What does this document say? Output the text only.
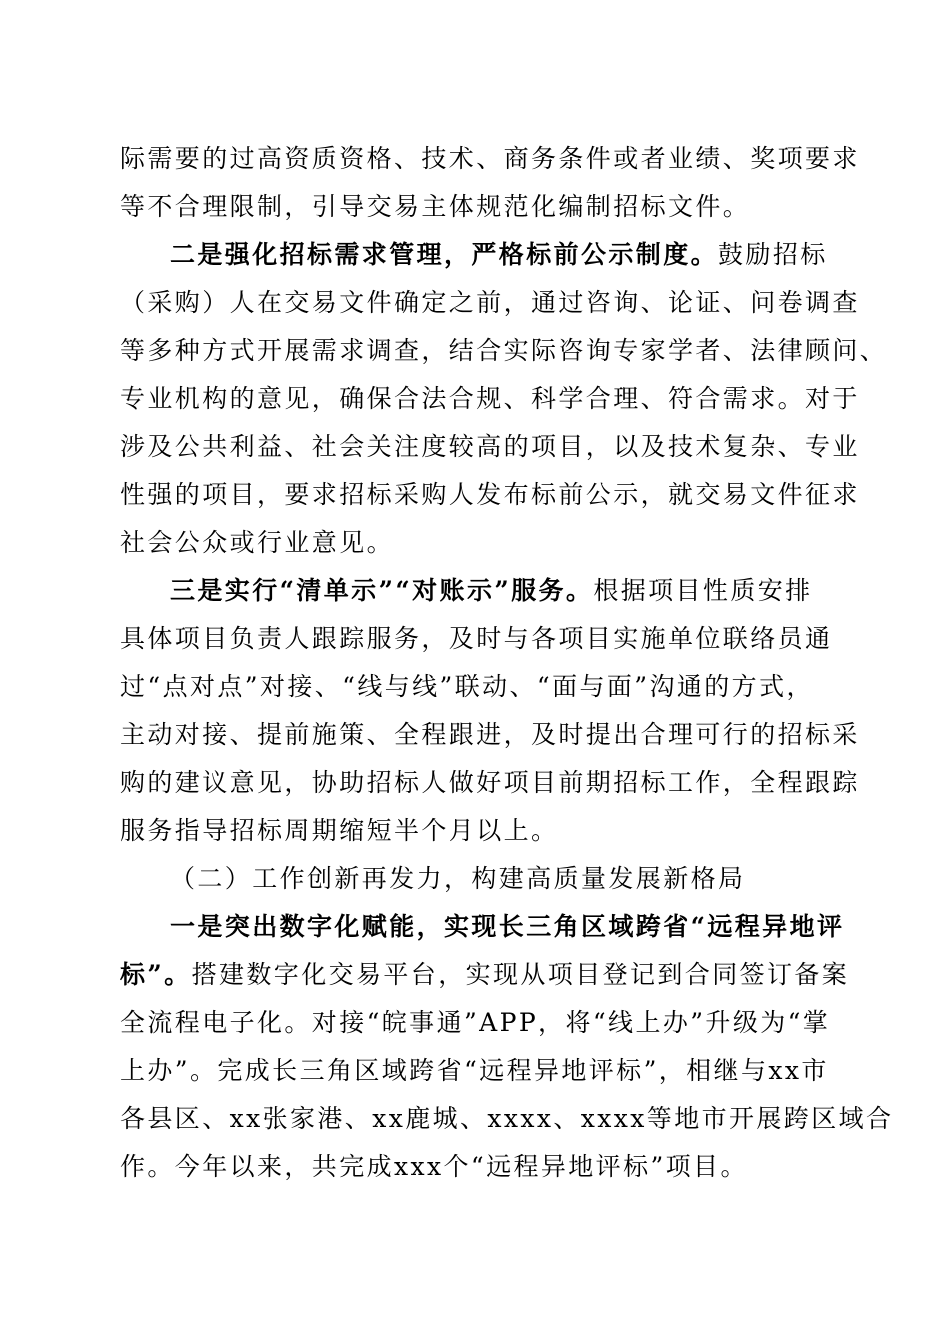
际需要的过高资质资格、技术、商务条件或者业绩、奖项要求
等不合理限制，引导交易主体规范化编制招标文件。
二是强化招标需求管理，严格标前公示制度。鼓励招标
（采购）人在交易文件确定之前，通过咨询、论证、问卷调查
等多种方式开展需求调查，结合实际咨询专家学者、法律顾问、
专业机构的意见，确保合法合规、科学合理、符合需求。对于
涉及公共利益、社会关注度较高的项目，以及技术复杂、专业
性强的项目，要求招标采购人发布标前公示，就交易文件征求
社会公众或行业意见。
三是实行“清单示”“对账示”服务。根据项目性质安排
具体项目负责人跟踪服务，及时与各项目实施单位联络员通
过“点对点”对接、“线与线”联动、“面与面”沟通的方式，
主动对接、提前施策、全程跟进，及时提出合理可行的招标采
购的建议意见，协助招标人做好项目前期招标工作，全程跟踪
服务指导招标周期缩短半个月以上。
（二）工作创新再发力，构建高质量发展新格局
一是突出数字化赋能，实现长三角区域跨省“远程异地评
标”。搭建数字化交易平台，实现从项目登记到合同签订备案
全流程电子化。对接“皖事通”APP，将“线上办”升级为“掌
上办”。完成长三角区域跨省“远程异地评标”，相继与xx市
各县区、xx张家港、xx鹿城、xxxx、xxxx等地市开展跨区域合
作。今年以来，共完成xxx个“远程异地评标”项目。
